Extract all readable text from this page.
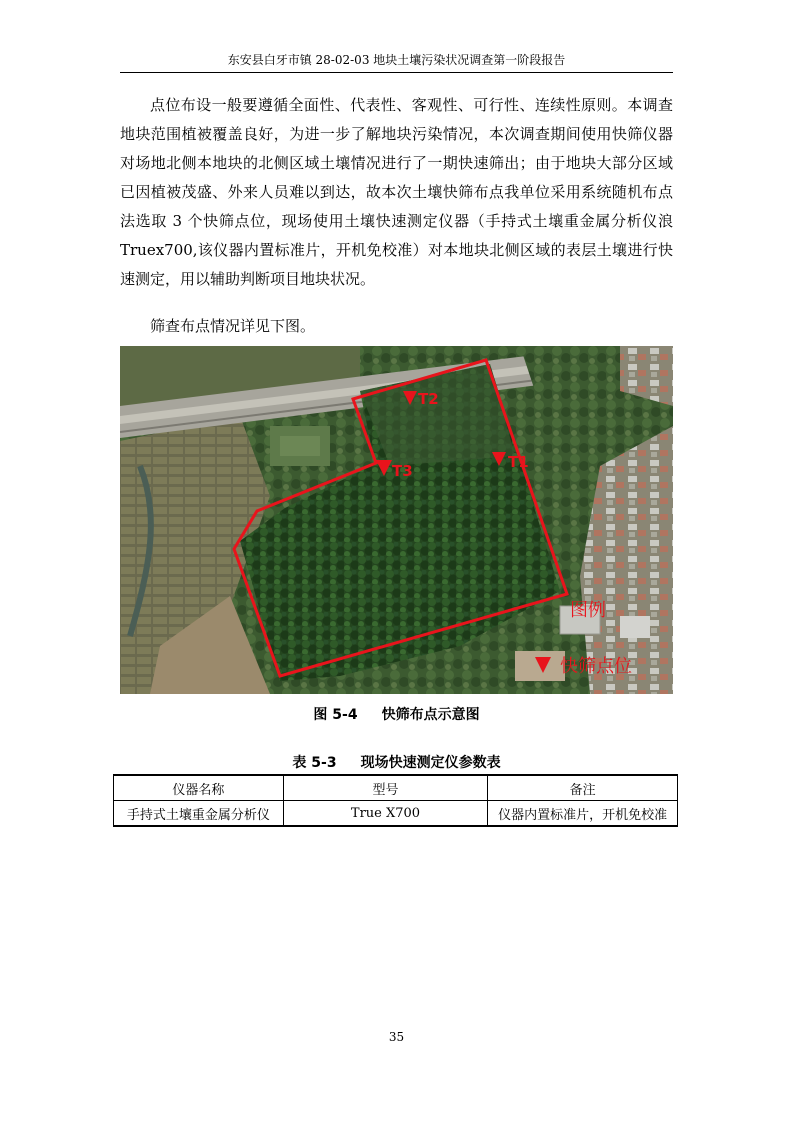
东安县白牙市镇 28-02-03 地块土壤污染状况调查第一阶段报告

点位布设一般要遵循全面性、代表性、客观性、可行性、连续性原则。本调查地块范围植被覆盖良好，为进一步了解地块污染情况，本次调查期间使用快筛仪器对场地北侧本地块的北侧区域土壤情况进行了一期快速筛出；由于地块大部分区域已因植被茂盛、外来人员难以到达，故本次土壤快筛布点我单位采用系统随机布点法选取 3 个快筛点位，现场使用土壤快速测定仪器（手持式土壤重金属分析仪浪 Truex700,该仪器内置标准片，开机免校准）对本地块北侧区域的表层土壤进行快速测定，用以辅助判断项目地块状况。

筛查布点情况详见下图。

T2
T1
T3
图例
快筛点位
图 5-4 快筛布点示意图
表 5-3 现场快速测定仪参数表
仪器名称	型号	备注
手持式土壤重金属分析仪	True X700	仪器内置标准片，开机免校准
35
